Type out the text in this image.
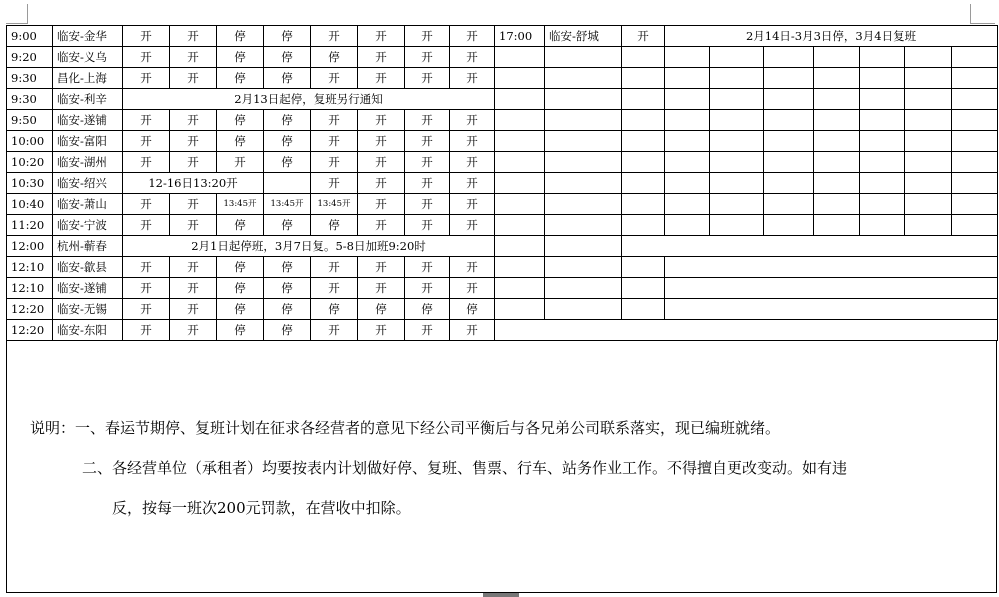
9:00	临安-金华	开	开	停	停	开	开	开	开	17:00	临安-舒城	开	2月14日-3月3日停，3月4日复班						
9:20	临安-义乌	开	开	停	停	停	开	开	开										
9:30	昌化-上海	开	开	停	停	开	开	开	开										
9:30	临安-利辛	2月13日起停，复班另行通知																	
9:50	临安-遂铺	开	开	停	停	开	开	开	开										
10:00	临安-富阳	开	开	停	停	开	开	开	开										
10:20	临安-湖州	开	开	开	停	开	开	开	开										
10:30	临安-绍兴	12-16日13:20开				开	开	开	开										
10:40	临安-萧山	开	开	13:45开	13:45开	13:45开	开	开	开										
11:20	临安-宁波	开	开	停	停	停	开	开	开										
12:00	杭州-蕲春	2月1日起停班，3月7日复。5-8日加班9:20时																	
12:10	临安-歙县	开	开	停	停	开	开	开	开										
12:10	临安-遂铺	开	开	停	停	开	开	开	开										
12:20	临安-无锡	开	开	停	停	停	停	停	停										
12:20	临安-东阳	开	开	停	停	开	开	开	开										
说明：一、春运节期停、复班计划在征求各经营者的意见下经公司平衡后与各兄弟公司联系落实，现已编班就绪。
二、各经营单位（承租者）均要按表内计划做好停、复班、售票、行车、站务作业工作。不得擅自更改变动。如有违
反，按每一班次200元罚款，在营收中扣除。
